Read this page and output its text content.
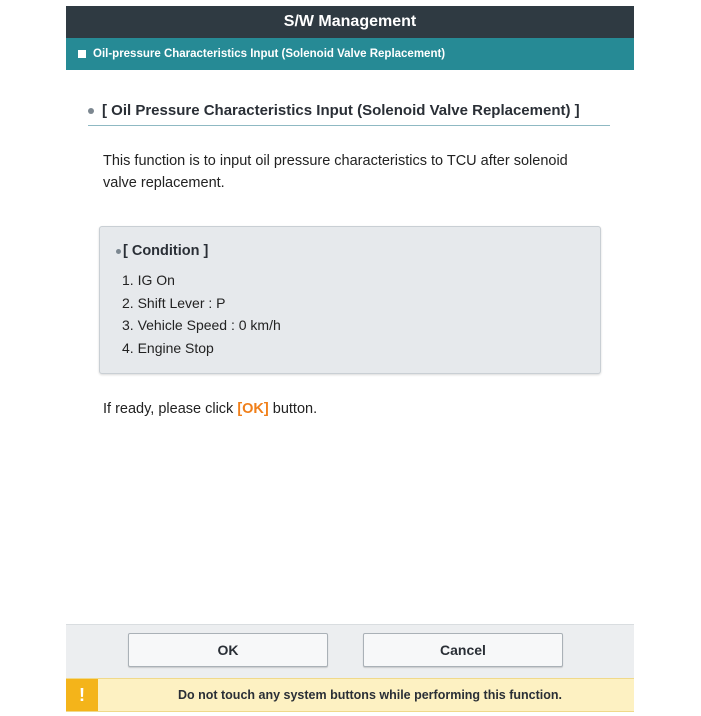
S/W Management
Oil-pressure Characteristics Input (Solenoid Valve Replacement)
[ Oil Pressure Characteristics Input (Solenoid Valve Replacement) ]
This function is to input oil pressure characteristics to TCU after solenoid valve replacement.
[ Condition ]
1. IG On
2. Shift Lever : P
3. Vehicle Speed : 0 km/h
4. Engine Stop
If ready, please click [OK] button.
OK	Cancel
!	Do not touch any system buttons while performing this function.
